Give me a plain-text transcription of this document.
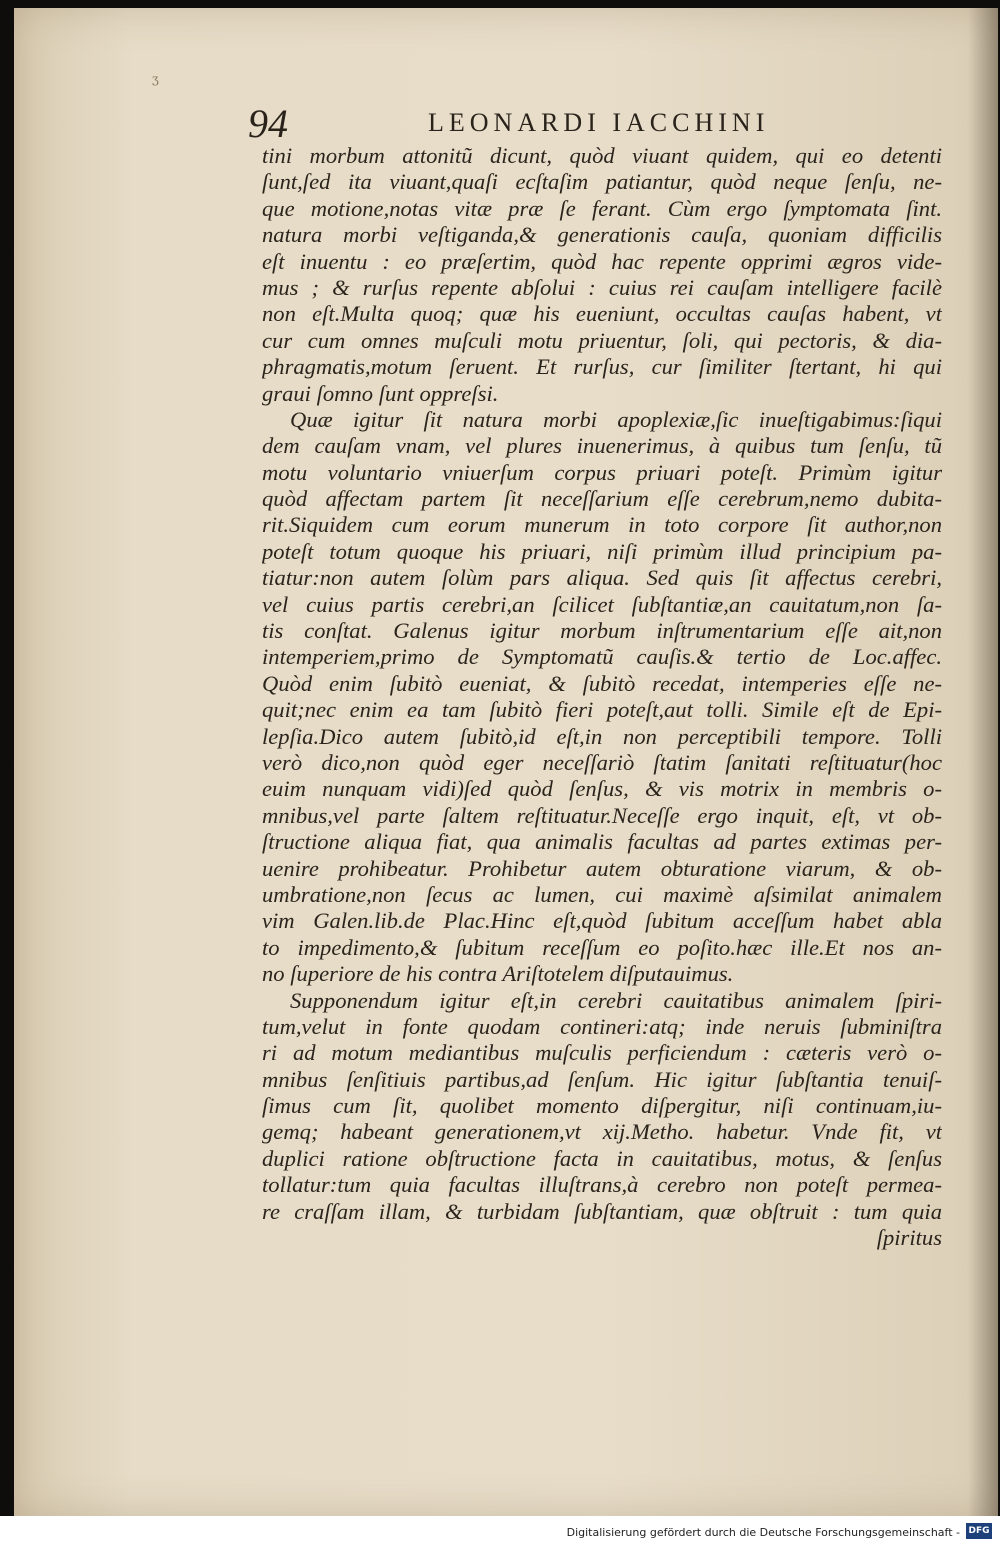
ʒ
94	LEONARDI IACCHINI
tini morbum attonitũ dicunt, quòd viuant quidem, qui eo detenti
ſunt,ſed ita viuant,quaſi ecſtaſim patiantur, quòd neque ſenſu, ne-
que motione,notas vitæ præ ſe ferant. Cùm ergo ſymptomata ſint.
natura morbi veſtiganda,& generationis cauſa, quoniam difficilis
eſt inuentu : eo præſertim, quòd hac repente opprimi ægros vide-
mus ; & rurſus repente abſolui : cuius rei cauſam intelligere facilè
non eſt.Multa quoq; quæ his eueniunt, occultas cauſas habent, vt
cur cum omnes muſculi motu priuentur, ſoli, qui pectoris, & dia-
phragmatis,motum ſeruent. Et rurſus, cur ſimiliter ſtertant, hi qui
graui ſomno ſunt oppreſsi.
Quæ igitur ſit natura morbi apoplexiæ,ſic inueſtigabimus:ſiqui
dem cauſam vnam, vel plures inuenerimus, à quibus tum ſenſu, tũ
motu voluntario vniuerſum corpus priuari poteſt. Primùm igitur
quòd affectam partem ſit neceſſarium eſſe cerebrum,nemo dubita-
rit.Siquidem cum eorum munerum in toto corpore ſit author,non
poteſt totum quoque his priuari, niſi primùm illud principium pa-
tiatur:non autem ſolùm pars aliqua. Sed quis ſit affectus cerebri,
vel cuius partis cerebri,an ſcilicet ſubſtantiæ,an cauitatum,non ſa-
tis conſtat. Galenus igitur morbum inſtrumentarium eſſe ait,non
intemperiem,primo de Symptomatũ cauſis.& tertio de Loc.affec.
Quòd enim ſubitò eueniat, & ſubitò recedat, intemperies eſſe ne-
quit;nec enim ea tam ſubitò fieri poteſt,aut tolli. Simile eſt de Epi-
lepſia.Dico autem ſubitò,id eſt,in non perceptibili tempore. Tolli
verò dico,non quòd eger neceſſariò ſtatim ſanitati reſtituatur(hoc
euim nunquam vidi)ſed quòd ſenſus, & vis motrix in membris o-
mnibus,vel parte ſaltem reſtituatur.Neceſſe ergo inquit, eſt, vt ob-
ſtructione aliqua fiat, qua animalis facultas ad partes extimas per-
uenire prohibeatur. Prohibetur autem obturatione viarum, & ob-
umbratione,non ſecus ac lumen, cui maximè aſsimilat animalem
vim Galen.lib.de Plac.Hinc eſt,quòd ſubitum acceſſum habet abla
to impedimento,& ſubitum receſſum eo poſito.hæc ille.Et nos an-
no ſuperiore de his contra Ariſtotelem diſputauimus.
Supponendum igitur eſt,in cerebri cauitatibus animalem ſpiri-
tum,velut in fonte quodam contineri:atq; inde neruis ſubminiſtra
ri ad motum mediantibus muſculis perficiendum : cæteris verò o-
mnibus ſenſitiuis partibus,ad ſenſum. Hic igitur ſubſtantia tenuiſ-
ſimus cum ſit, quolibet momento diſpergitur, niſi continuam,iu-
gemq; habeant generationem,vt xij.Metho. habetur. Vnde fit, vt
duplici ratione obſtructione facta in cauitatibus, motus, & ſenſus
tollatur:tum quia facultas illuſtrans,à cerebro non poteſt permea-
re craſſam illam, & turbidam ſubſtantiam, quæ obſtruit : tum quia
ſpiritus
Digitalisierung gefördert durch die Deutsche Forschungsgemeinschaft - DFG
